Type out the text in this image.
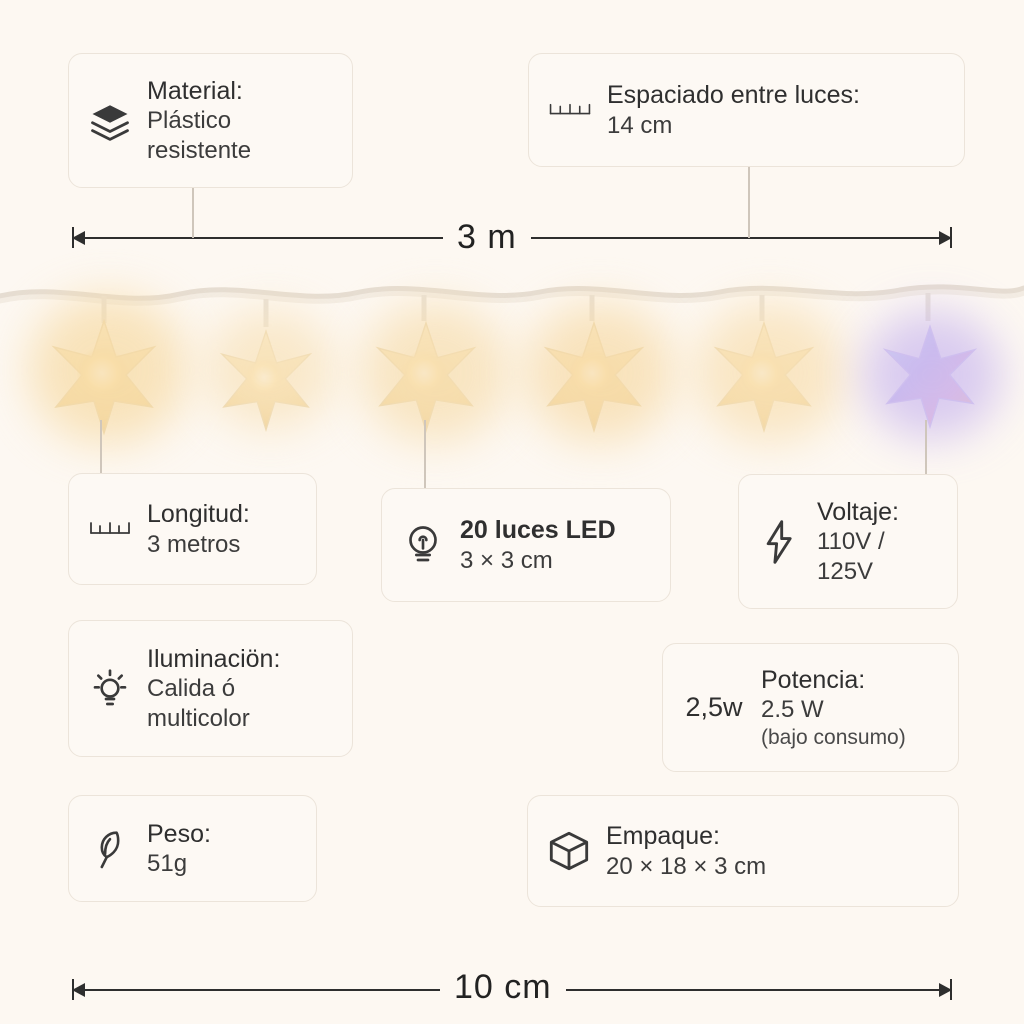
3 m
10 cm
Material:
Plástico
resistente
Espaciado entre luces:
14 cm
Longitud:
3 metros	20 luces LED
3 × 3 cm
Voltaje:
110V /
125V
Iluminaciön:
Calida ó
multicolor	2,5w
Potencia:
2.5 W
(bajo consumo)
Peso:
51g
Empaque:
20 × 18 × 3 cm
